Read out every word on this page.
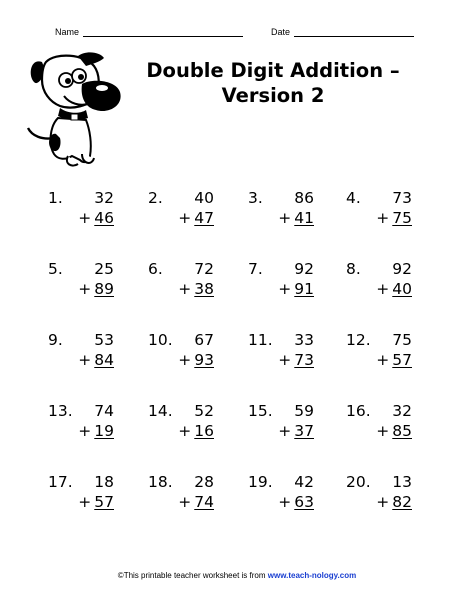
Name	Date
Double Digit Addition –
Version 2
1. 32
+ 46
2. 40
+ 47
3. 86
+ 41
4. 73
+ 75
5. 25
+ 89
6. 72
+ 38
7. 92
+ 91
8. 92
+ 40
9. 53
+ 84
10. 67
+ 93
11. 33
+ 73
12. 75
+ 57
13. 74
+ 19
14. 52
+ 16
15. 59
+ 37
16. 32
+ 85
17. 18
+ 57
18. 28
+ 74
19. 42
+ 63
20. 13
+ 82
©This printable teacher worksheet is from www.teach-nology.com
